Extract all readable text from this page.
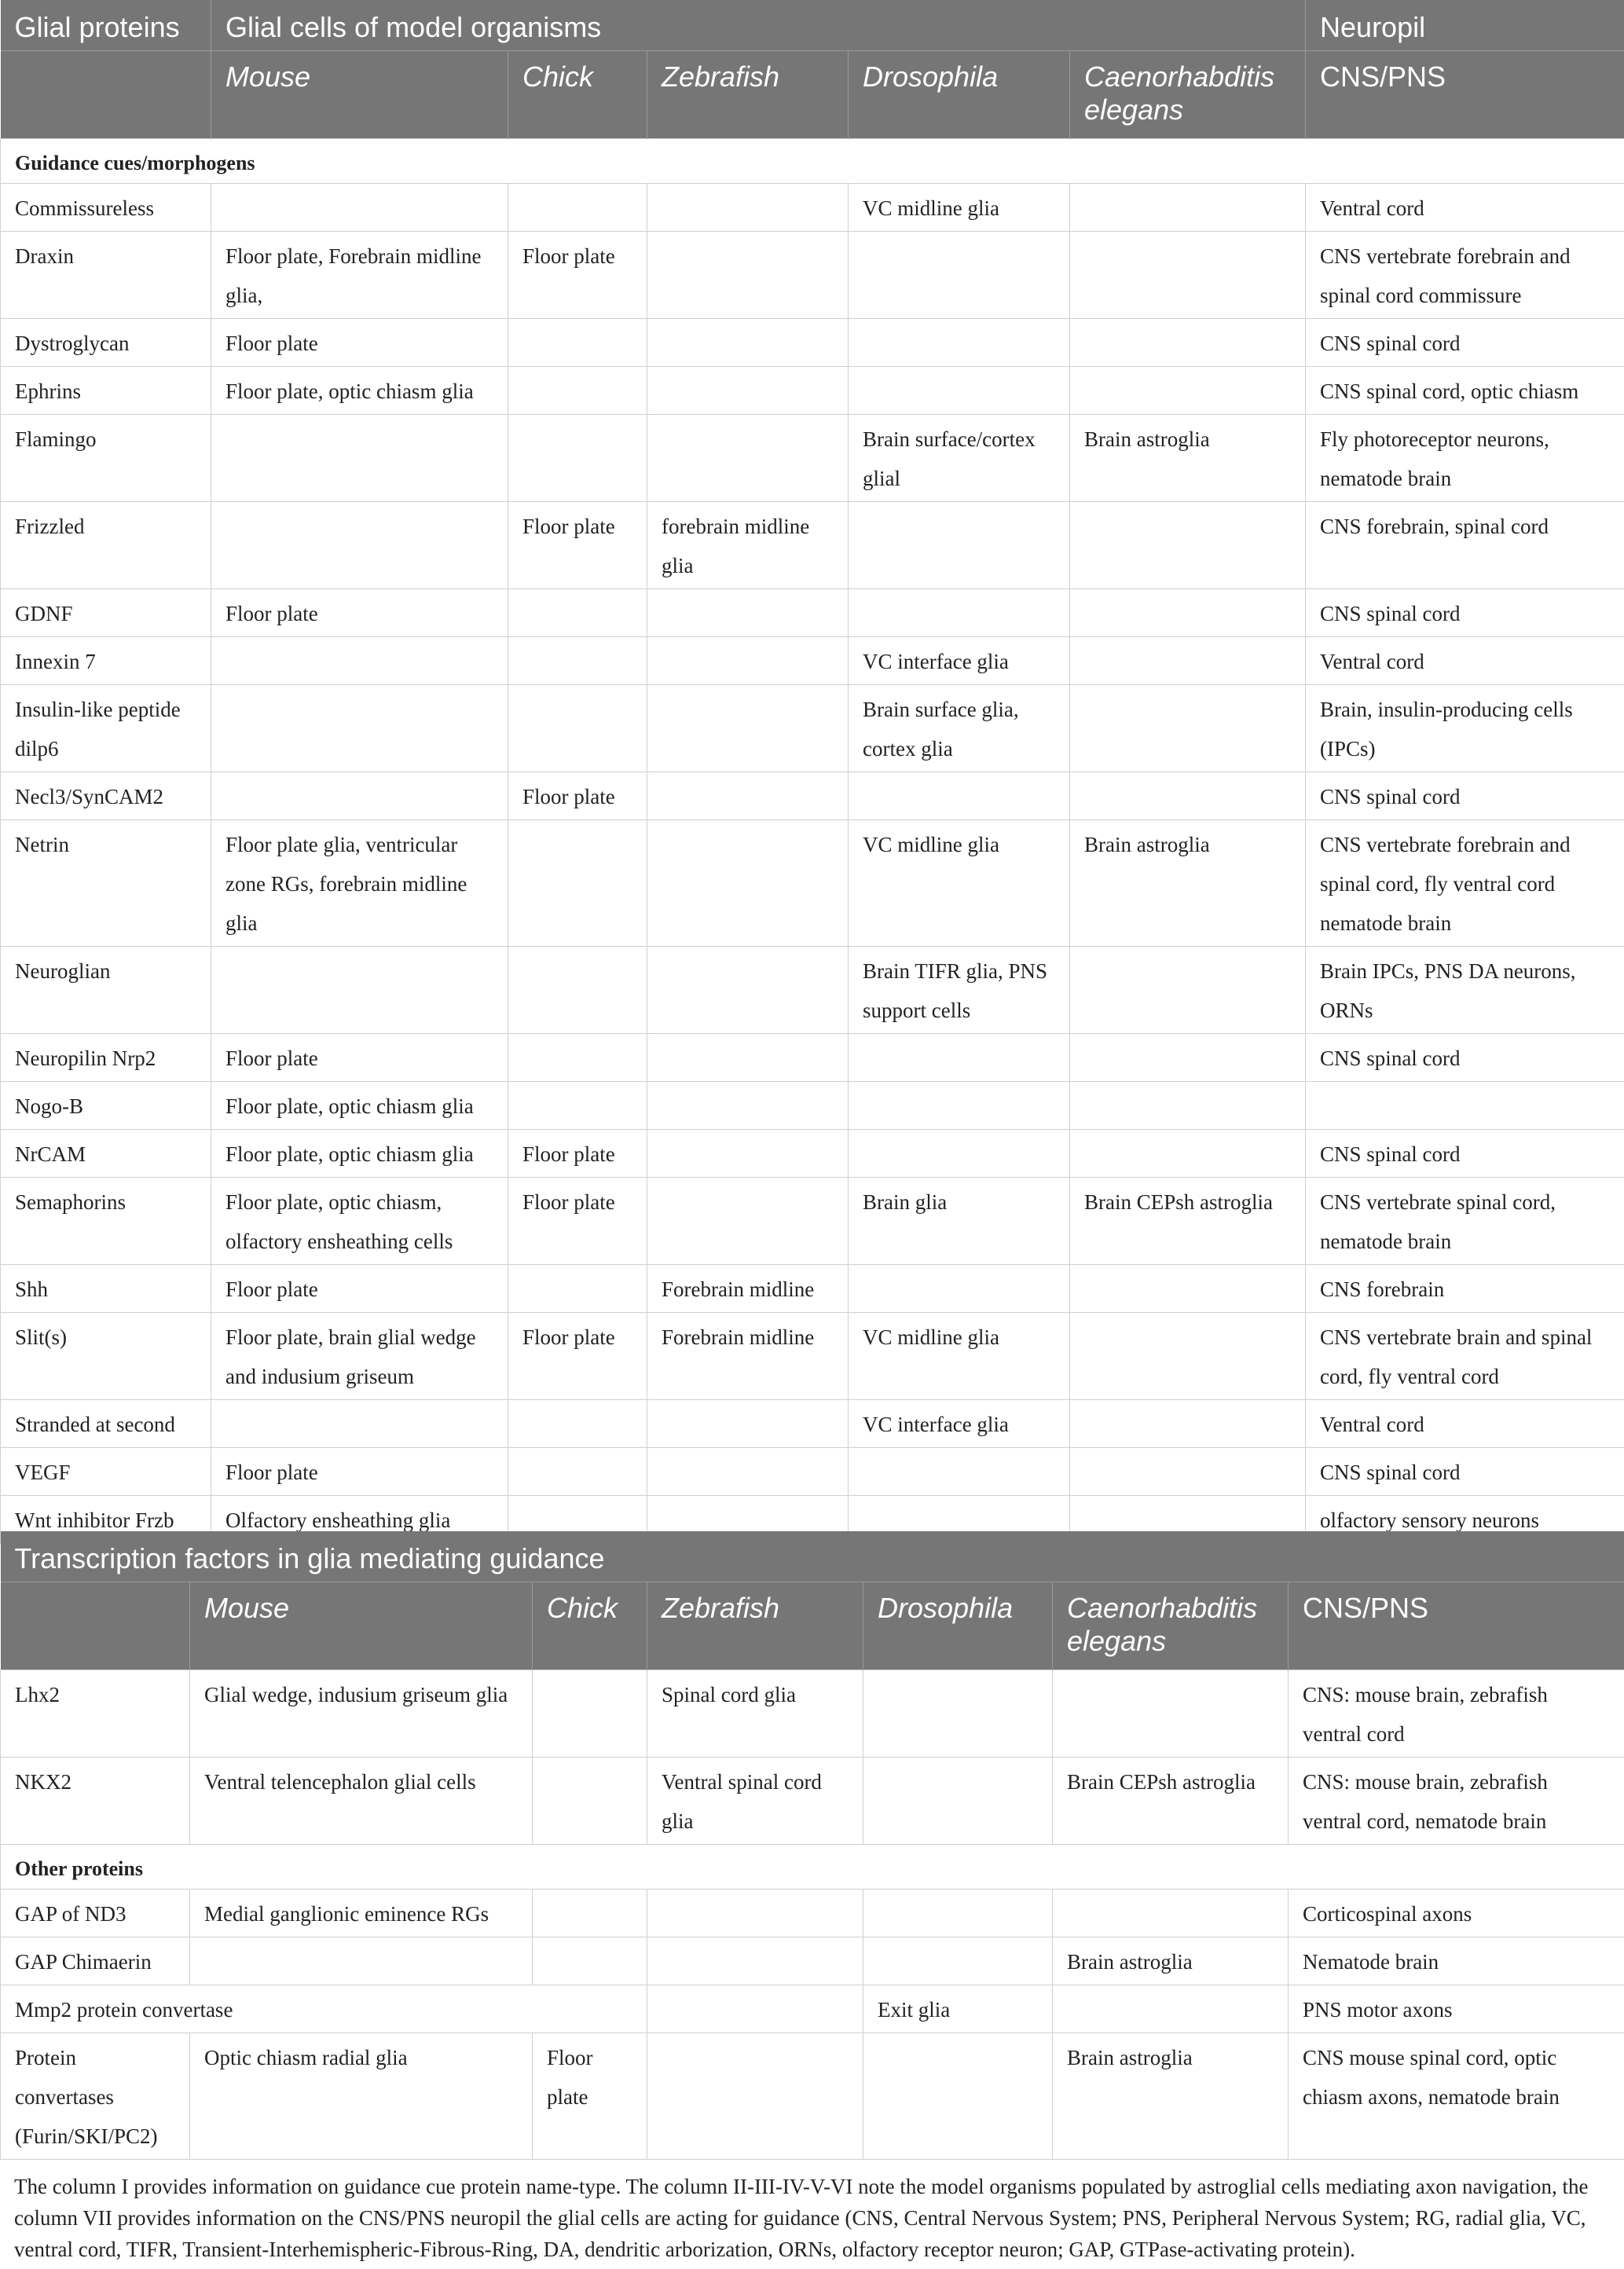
Glial proteins	Glial cells of model organisms					Neuropil
	Mouse	Chick	Zebrafish	Drosophila	Caenorhabditis elegans	CNS/PNS
Guidance cues/morphogens						
Commissureless				VC midline glia		Ventral cord
Draxin	Floor plate, Forebrain midline glia,	Floor plate				CNS vertebrate forebrain and spinal cord commissure
Dystroglycan	Floor plate					CNS spinal cord
Ephrins	Floor plate, optic chiasm glia					CNS spinal cord, optic chiasm
Flamingo				Brain surface/cortex glial	Brain astroglia	Fly photoreceptor neurons, nematode brain
Frizzled		Floor plate	forebrain midline glia			CNS forebrain, spinal cord
GDNF	Floor plate					CNS spinal cord
Innexin 7				VC interface glia		Ventral cord
Insulin-like peptide dilp6				Brain surface glia, cortex glia		Brain, insulin-producing cells (IPCs)
Necl3/SynCAM2		Floor plate				CNS spinal cord
Netrin	Floor plate glia, ventricular zone RGs, forebrain midline glia			VC midline glia	Brain astroglia	CNS vertebrate forebrain and spinal cord, fly ventral cord nematode brain
Neuroglian				Brain TIFR glia, PNS support cells		Brain IPCs, PNS DA neurons, ORNs
Neuropilin Nrp2	Floor plate					CNS spinal cord
Nogo-B	Floor plate, optic chiasm glia					
NrCAM	Floor plate, optic chiasm glia	Floor plate				CNS spinal cord
Semaphorins	Floor plate, optic chiasm, olfactory ensheathing cells	Floor plate		Brain glia	Brain CEPsh astroglia	CNS vertebrate spinal cord, nematode brain
Shh	Floor plate		Forebrain midline			CNS forebrain
Slit(s)	Floor plate, brain glial wedge and indusium griseum	Floor plate	Forebrain midline	VC midline glia		CNS vertebrate brain and spinal cord, fly ventral cord
Stranded at second				VC interface glia		Ventral cord
VEGF	Floor plate					CNS spinal cord
Wnt inhibitor Frzb	Olfactory ensheathing glia					olfactory sensory neurons
Transcription factors in glia mediating guidance						
	Mouse	Chick	Zebrafish	Drosophila	Caenorhabditis elegans	CNS/PNS
Lhx2	Glial wedge, indusium griseum glia		Spinal cord glia			CNS: mouse brain, zebrafish ventral cord
NKX2	Ventral telencephalon glial cells		Ventral spinal cord glia		Brain CEPsh astroglia	CNS: mouse brain, zebrafish ventral cord, nematode brain
Other proteins						
GAP of ND3	Medial ganglionic eminence RGs					Corticospinal axons
GAP Chimaerin					Brain astroglia	Nematode brain
Mmp2 protein convertase				Exit glia		PNS motor axons
Protein convertases (Furin/SKI/PC2)	Optic chiasm radial glia	Floor plate			Brain astroglia	CNS mouse spinal cord, optic chiasm axons, nematode brain
The column I provides information on guidance cue protein name-type. The column II-III-IV-V-VI note the model organisms populated by astroglial cells mediating axon navigation, the column VII provides information on the CNS/PNS neuropil the glial cells are acting for guidance (CNS, Central Nervous System; PNS, Peripheral Nervous System; RG, radial glia, VC, ventral cord, TIFR, Transient-Interhemispheric-Fibrous-Ring, DA, dendritic arborization, ORNs, olfactory receptor neuron; GAP, GTPase-activating protein).
